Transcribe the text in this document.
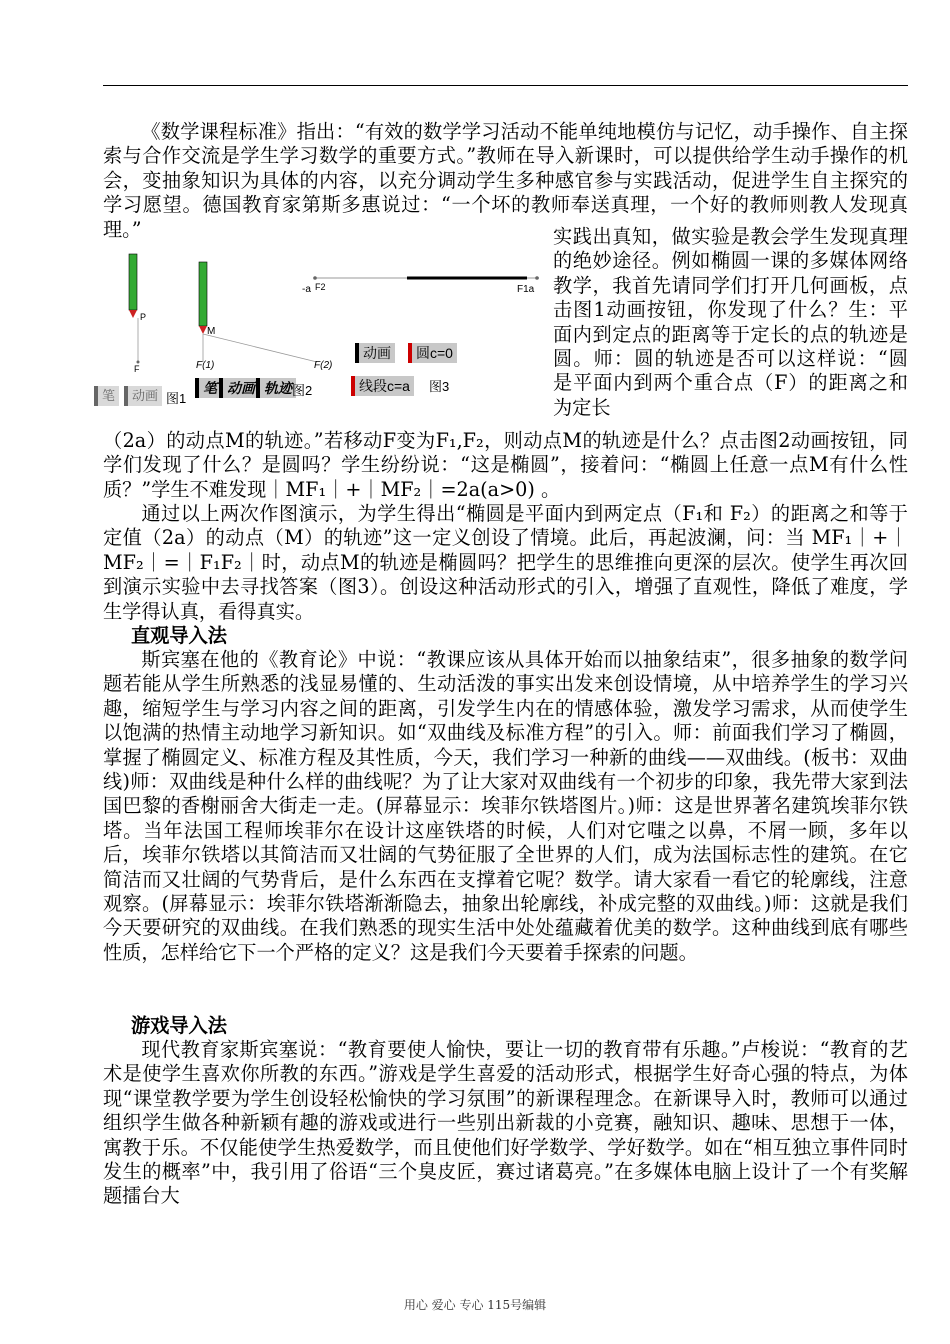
《数学课程标准》指出：“有效的数学学习活动不能单纯地模仿与记忆，动手操作、自主探索与合作交流是学生学习数学的重要方式。”教师在导入新课时，可以提供给学生动手操作的机会，变抽象知识为具体的内容，以充分调动学生多种感官参与实践活动，促进学生自主探究的学习愿望。德国教育家第斯多惠说过：“一个坏的教师奉送真理，一个好的教师则教人发现真理。”	实践出真知，做实验是教会学生发现真理的绝妙途径。例如椭圆一课的多媒体网络教学，我首先请同学们打开几何画板，点击图1动画按钮，你发现了什么？生：平面内到定点的距离等于定长的点的轨迹是圆。师：圆的轨迹是否可以这样说：“圆是平面内到两个重合点（F）的距离之和为定长

P
F
笔	动画 图1
M
F(1)	F(2)
笔 动画 轨迹 图2
-a F2	F1a
动画	圆c=0
线段c=a	图3

（2a）的动点M的轨迹。”若移动F变为F₁,F₂，则动点M的轨迹是什么？点击图2动画按钮，同学们发现了什么？是圆吗？学生纷纷说：“这是椭圆”，接着问：“椭圆上任意一点M有什么性质？”学生不难发现｜MF₁｜+｜MF₂｜=2a(a>0) 。

通过以上两次作图演示，为学生得出“椭圆是平面内到两定点（F₁和 F₂）的距离之和等于定值（2a）的动点（M）的轨迹”这一定义创设了情境。此后，再起波澜，问：当 MF₁｜+｜MF₂｜=｜F₁F₂｜时，动点M的轨迹是椭圆吗？把学生的思维推向更深的层次。使学生再次回到演示实验中去寻找答案（图3）。创设这种活动形式的引入，增强了直观性，降低了难度，学生学得认真，看得真实。

直观导入法

斯宾塞在他的《教育论》中说：“教课应该从具体开始而以抽象结束”，很多抽象的数学问题若能从学生所熟悉的浅显易懂的、生动活泼的事实出发来创设情境，从中培养学生的学习兴趣，缩短学生与学习内容之间的距离，引发学生内在的情感体验，激发学习需求，从而使学生以饱满的热情主动地学习新知识。如“双曲线及标准方程”的引入。师：前面我们学习了椭圆，掌握了椭圆定义、标准方程及其性质，今天，我们学习一种新的曲线——双曲线。(板书：双曲线)师：双曲线是种什么样的曲线呢？为了让大家对双曲线有一个初步的印象，我先带大家到法国巴黎的香榭丽舍大街走一走。(屏幕显示：埃菲尔铁塔图片。)师：这是世界著名建筑埃菲尔铁塔。当年法国工程师埃菲尔在设计这座铁塔的时候，人们对它嗤之以鼻，不屑一顾，多年以后，埃菲尔铁塔以其简洁而又壮阔的气势征服了全世界的人们，成为法国标志性的建筑。在它简洁而又壮阔的气势背后，是什么东西在支撑着它呢？数学。请大家看一看它的轮廓线，注意观察。(屏幕显示：埃菲尔铁塔渐渐隐去，抽象出轮廓线，补成完整的双曲线。)师：这就是我们今天要研究的双曲线。在我们熟悉的现实生活中处处蕴藏着优美的数学。这种曲线到底有哪些性质，怎样给它下一个严格的定义？这是我们今天要着手探索的问题。

游戏导入法

现代教育家斯宾塞说：“教育要使人愉快，要让一切的教育带有乐趣。”卢梭说：“教育的艺术是使学生喜欢你所教的东西。”游戏是学生喜爱的活动形式，根据学生好奇心强的特点，为体现“课堂教学要为学生创设轻松愉快的学习氛围”的新课程理念。在新课导入时，教师可以通过组织学生做各种新颖有趣的游戏或进行一些别出新裁的小竞赛，融知识、趣味、思想于一体，寓教于乐。不仅能使学生热爱数学，而且使他们好学数学、学好数学。如在“相互独立事件同时发生的概率”中，我引用了俗语“三个臭皮匠，赛过诸葛亮。”在多媒体电脑上设计了一个有奖解题擂台大

用心 爱心 专心 115号编辑
